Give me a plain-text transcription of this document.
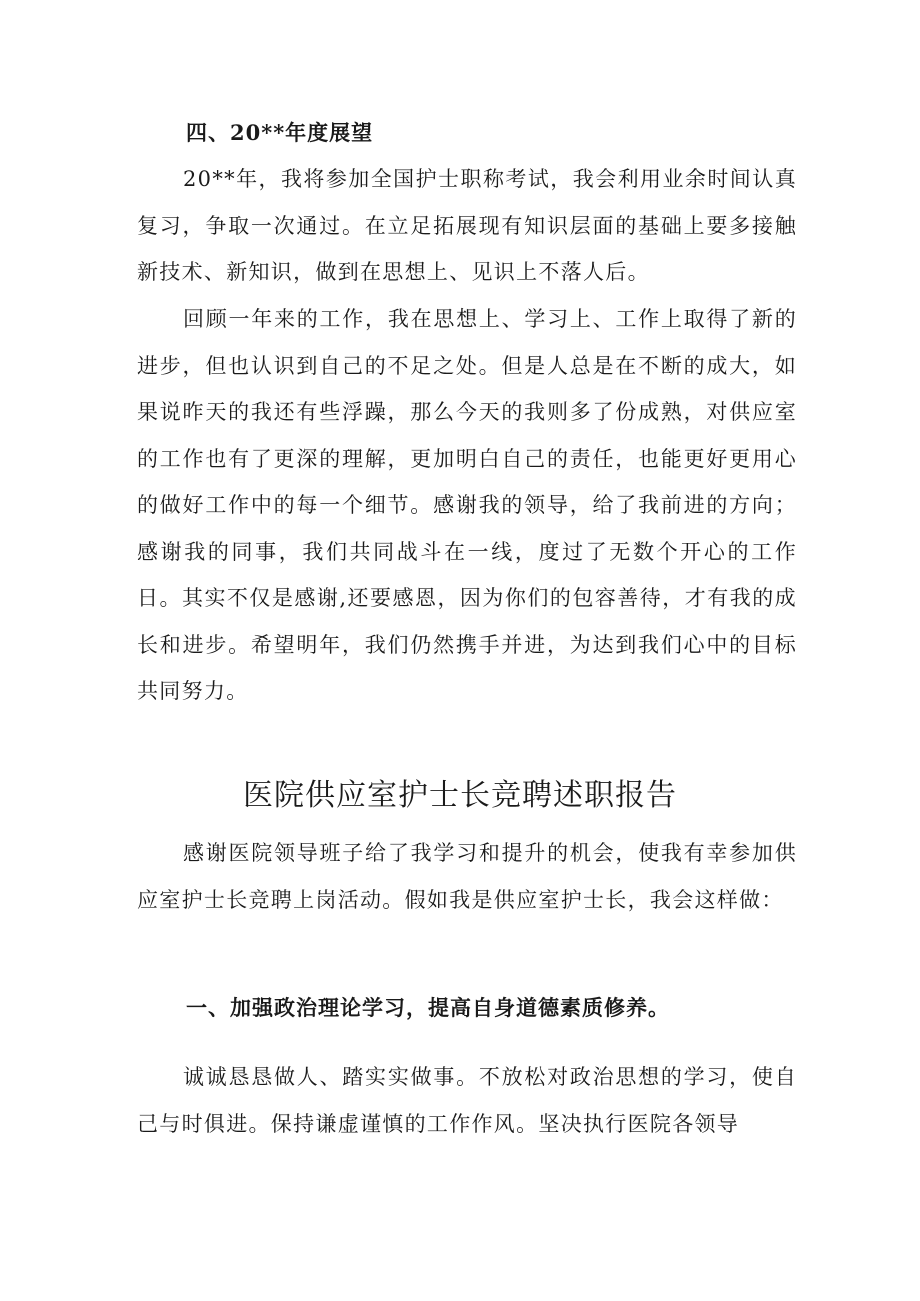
四、20**年度展望

20**年，我将参加全国护士职称考试，我会利用业余时间认真复习，争取一次通过。在立足拓展现有知识层面的基础上要多接触新技术、新知识，做到在思想上、见识上不落人后。

回顾一年来的工作，我在思想上、学习上、工作上取得了新的进步，但也认识到自己的不足之处。但是人总是在不断的成大，如果说昨天的我还有些浮躁，那么今天的我则多了份成熟，对供应室的工作也有了更深的理解，更加明白自己的责任，也能更好更用心的做好工作中的每一个细节。感谢我的领导，给了我前进的方向；感谢我的同事，我们共同战斗在一线，度过了无数个开心的工作日。其实不仅是感谢,还要感恩，因为你们的包容善待，才有我的成长和进步。希望明年，我们仍然携手并进，为达到我们心中的目标共同努力。

医院供应室护士长竞聘述职报告

感谢医院领导班子给了我学习和提升的机会，使我有幸参加供应室护士长竞聘上岗活动。假如我是供应室护士长，我会这样做：

一、加强政治理论学习，提高自身道德素质修养。

诚诚恳恳做人、踏实实做事。不放松对政治思想的学习，使自己与时俱进。保持谦虚谨慎的工作作风。坚决执行医院各领导
